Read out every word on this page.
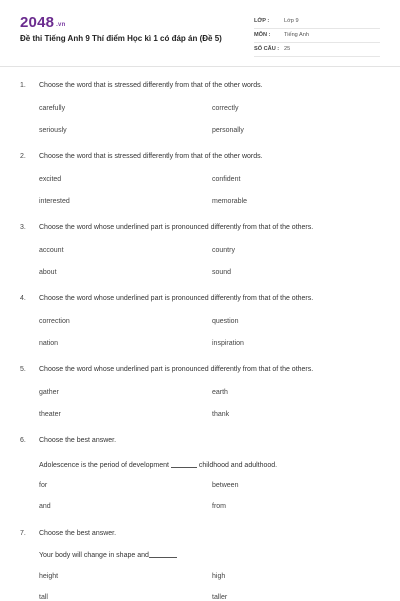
2048 .vn
Đề thi Tiếng Anh 9 Thí điểm Học kì 1 có đáp án (Đề 5)
LỚP :	Lớp 9
MÔN : Tiếng Anh
SỐ CÂU : 25
1. Choose the word that is stressed differently from that of the other words.
carefully	correctly
seriously	personally
2. Choose the word that is stressed differently from that of the other words.
excited	confident
interested	memorable
3. Choose the word whose underlined part is pronounced differently from that of the others.
account	country
about	sound
4. Choose the word whose underlined part is pronounced differently from that of the others.
correction	question
nation	inspiration
5. Choose the word whose underlined part is pronounced differently from that of the others.
gather	earth
theater	thank
6. Choose the best answer.
Adolescence is the period of development	childhood and adulthood.
for	between
and	from
7. Choose the best answer.
Your body will change in shape and
height	high
tall	taller
